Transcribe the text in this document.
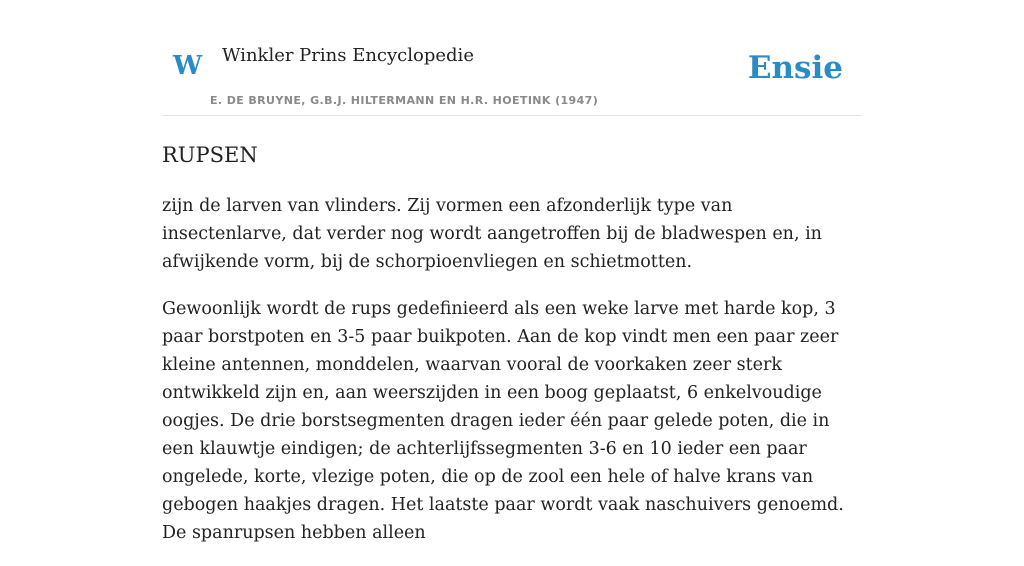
W Winkler Prins Encyclopedie
E. DE BRUYNE, G.B.J. HILTERMANN EN H.R. HOETINK (1947)
Ensie
RUPSEN

zijn de larven van vlinders. Zij vormen een afzonderlijk type van insectenlarve, dat verder nog wordt aangetroffen bij de bladwespen en, in afwijkende vorm, bij de schorpioenvliegen en schietmotten.

Gewoonlijk wordt de rups gedefinieerd als een weke larve met harde kop, 3 paar borstpoten en 3-5 paar buikpoten. Aan de kop vindt men een paar zeer kleine antennen, monddelen, waarvan vooral de voorkaken zeer sterk ontwikkeld zijn en, aan weerszijden in een boog geplaatst, 6 enkelvoudige oogjes. De drie borstsegmenten dragen ieder één paar gelede poten, die in een klauwtje eindigen; de achterlijfssegmenten 3-6 en 10 ieder een paar ongelede, korte, vlezige poten, die op de zool een hele of halve krans van gebogen haakjes dragen. Het laatste paar wordt vaak naschuivers genoemd. De spanrupsen hebben alleen
